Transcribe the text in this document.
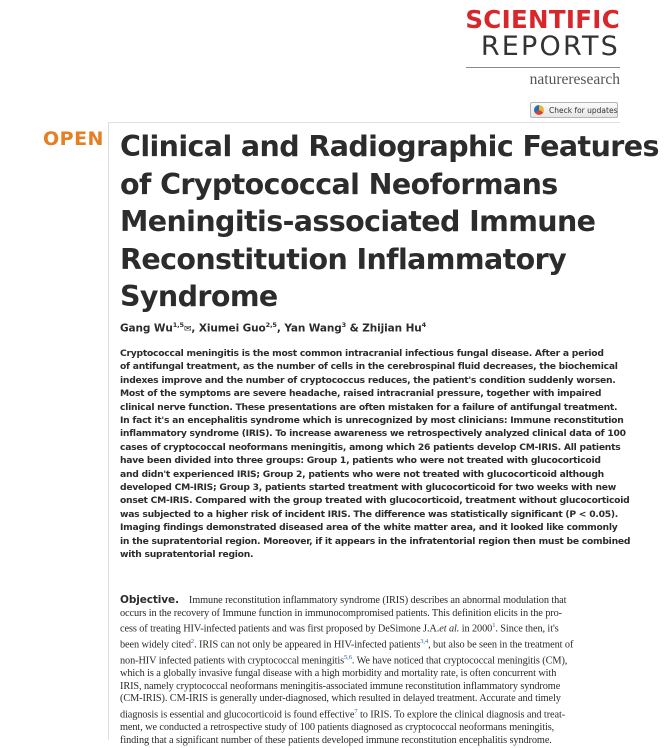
SCIENTIFIC
REPORTS
natureresearch
Check for updates
OPEN Clinical and Radiographic Features
of Cryptococcal Neoformans
Meningitis-associated Immune
Reconstitution Inflammatory
Syndrome
Gang Wu$^{1,5}$✉, Xiumei Guo$^{2,5}$, Yan Wang$^3$ & Zhijian Hu$^4$
Cryptococcal meningitis is the most common intracranial infectious fungal disease. After a period
of antifungal treatment, as the number of cells in the cerebrospinal fluid decreases, the biochemical
indexes improve and the number of cryptococcus reduces, the patient's condition suddenly worsen.
Most of the symptoms are severe headache, raised intracranial pressure, together with impaired
clinical nerve function. These presentations are often mistaken for a failure of antifungal treatment.
In fact it's an encephalitis syndrome which is unrecognized by most clinicians: Immune reconstitution
inflammatory syndrome (IRIS). To increase awareness we retrospectively analyzed clinical data of 100
cases of cryptococcal neoformans meningitis, among which 26 patients develop CM-IRIS. All patients
have been divided into three groups: Group 1, patients who were not treated with glucocorticoid
and didn't experienced IRIS; Group 2, patients who were not treated with glucocorticoid although
developed CM-IRIS; Group 3, patients started treatment with glucocorticoid for two weeks with new
onset CM-IRIS. Compared with the group treated with glucocorticoid, treatment without glucocorticoid
was subjected to a higher risk of incident IRIS. The difference was statistically significant (P < 0.05).
Imaging findings demonstrated diseased area of the white matter area, and it looked like commonly
in the supratentorial region. Moreover, if it appears in the infratentorial region then must be combined
with supratentorial region.
Objective. Immune reconstitution inflammatory syndrome (IRIS) describes an abnormal modulation that
occurs in the recovery of Immune function in immunocompromised patients. This definition elicits in the pro-
cess of treating HIV-infected patients and was first proposed by DeSimone J.A.et al. in 2000$^1$. Since then, it's
been widely cited$^2$. IRIS can not only be appeared in HIV-infected patients$^{3,4}$, but also be seen in the treatment of
non-HIV infected patients with cryptococcal meningitis$^{5,6}$. We have noticed that cryptococcal meningitis (CM),
which is a globally invasive fungal disease with a high morbidity and mortality rate, is often concurrent with
IRIS, namely cryptococcal neoformans meningitis-associated immune reconstitution inflammatory syndrome
(CM-IRIS). CM-IRIS is generally under-diagnosed, which resulted in delayed treatment. Accurate and timely
diagnosis is essential and glucocorticoid is found effective$^7$ to IRIS. To explore the clinical diagnosis and treat-
ment, we conducted a retrospective study of 100 patients diagnosed as cryptococcal neoformans meningitis,
finding that a significant number of these patients developed immune reconstitution encephalitis syndrome.
